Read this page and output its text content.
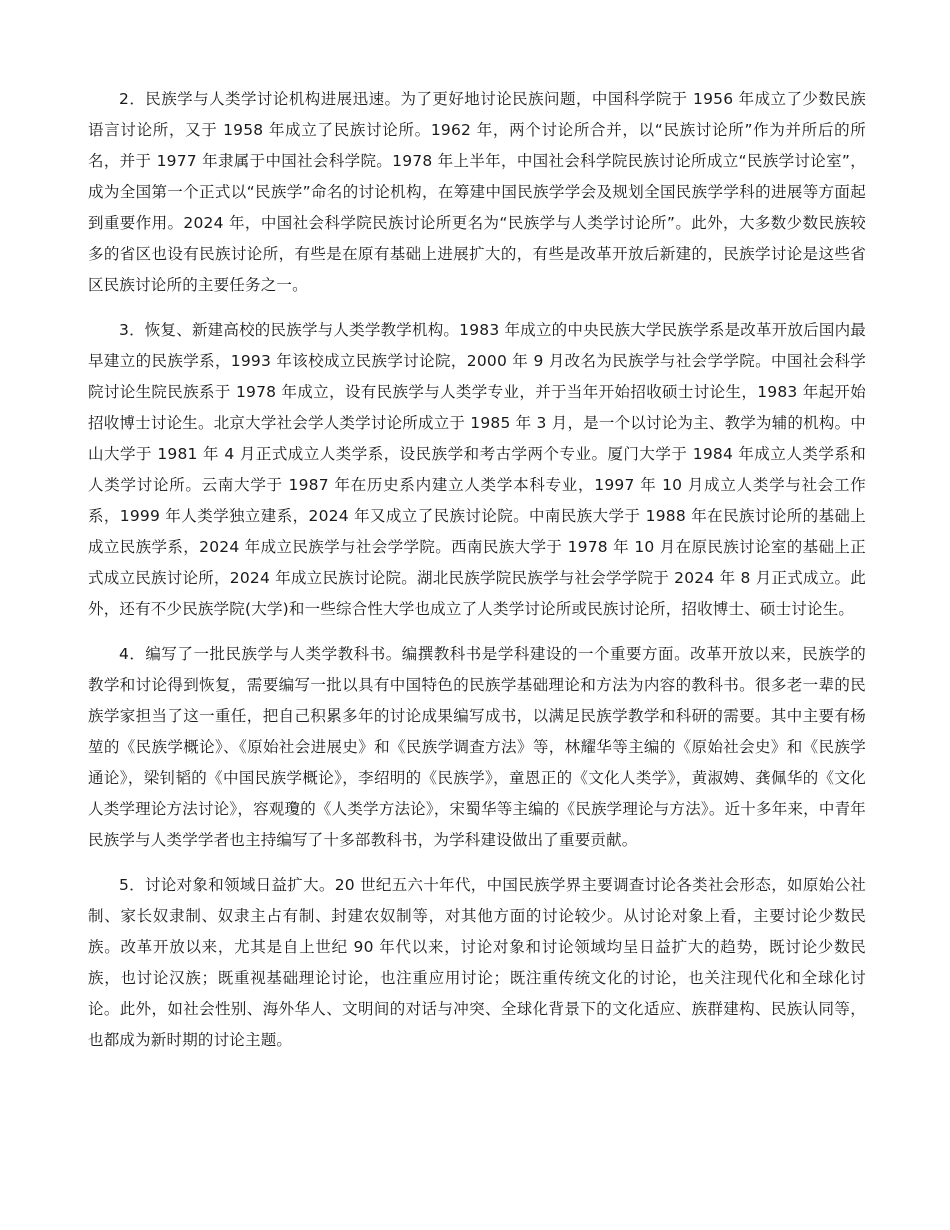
2．民族学与人类学讨论机构进展迅速。为了更好地讨论民族问题，中国科学院于 1956 年成立了少数民族语言讨论所，又于 1958 年成立了民族讨论所。1962 年，两个讨论所合并，以“民族讨论所”作为并所后的所名，并于 1977 年隶属于中国社会科学院。1978 年上半年，中国社会科学院民族讨论所成立“民族学讨论室”，成为全国第一个正式以“民族学”命名的讨论机构，在筹建中国民族学学会及规划全国民族学学科的进展等方面起到重要作用。2024 年，中国社会科学院民族讨论所更名为“民族学与人类学讨论所”。此外，大多数少数民族较多的省区也设有民族讨论所，有些是在原有基础上进展扩大的，有些是改革开放后新建的，民族学讨论是这些省区民族讨论所的主要任务之一。

3．恢复、新建高校的民族学与人类学教学机构。1983 年成立的中央民族大学民族学系是改革开放后国内最早建立的民族学系，1993 年该校成立民族学讨论院，2000 年 9 月改名为民族学与社会学学院。中国社会科学院讨论生院民族系于 1978 年成立，设有民族学与人类学专业，并于当年开始招收硕士讨论生，1983 年起开始招收博士讨论生。北京大学社会学人类学讨论所成立于 1985 年 3 月，是一个以讨论为主、教学为辅的机构。中山大学于 1981 年 4 月正式成立人类学系，设民族学和考古学两个专业。厦门大学于 1984 年成立人类学系和人类学讨论所。云南大学于 1987 年在历史系内建立人类学本科专业，1997 年 10 月成立人类学与社会工作系，1999 年人类学独立建系，2024 年又成立了民族讨论院。中南民族大学于 1988 年在民族讨论所的基础上成立民族学系，2024 年成立民族学与社会学学院。西南民族大学于 1978 年 10 月在原民族讨论室的基础上正式成立民族讨论所，2024 年成立民族讨论院。湖北民族学院民族学与社会学学院于 2024 年 8 月正式成立。此外，还有不少民族学院(大学)和一些综合性大学也成立了人类学讨论所或民族讨论所，招收博士、硕士讨论生。

4．编写了一批民族学与人类学教科书。编撰教科书是学科建设的一个重要方面。改革开放以来，民族学的教学和讨论得到恢复，需要编写一批以具有中国特色的民族学基础理论和方法为内容的教科书。很多老一辈的民族学家担当了这一重任，把自己积累多年的讨论成果编写成书，以满足民族学教学和科研的需要。其中主要有杨堃的《民族学概论》、《原始社会进展史》和《民族学调查方法》等，林耀华等主编的《原始社会史》和《民族学通论》，梁钊韬的《中国民族学概论》，李绍明的《民族学》，童恩正的《文化人类学》，黄淑娉、龚佩华的《文化人类学理论方法讨论》，容观瓊的《人类学方法论》，宋蜀华等主编的《民族学理论与方法》。近十多年来，中青年民族学与人类学学者也主持编写了十多部教科书，为学科建设做出了重要贡献。

5．讨论对象和领域日益扩大。20 世纪五六十年代，中国民族学界主要调查讨论各类社会形态，如原始公社制、家长奴隶制、奴隶主占有制、封建农奴制等，对其他方面的讨论较少。从讨论对象上看，主要讨论少数民族。改革开放以来，尤其是自上世纪 90 年代以来，讨论对象和讨论领域均呈日益扩大的趋势，既讨论少数民族，也讨论汉族；既重视基础理论讨论，也注重应用讨论；既注重传统文化的讨论，也关注现代化和全球化讨论。此外，如社会性别、海外华人、文明间的对话与冲突、全球化背景下的文化适应、族群建构、民族认同等，也都成为新时期的讨论主题。
